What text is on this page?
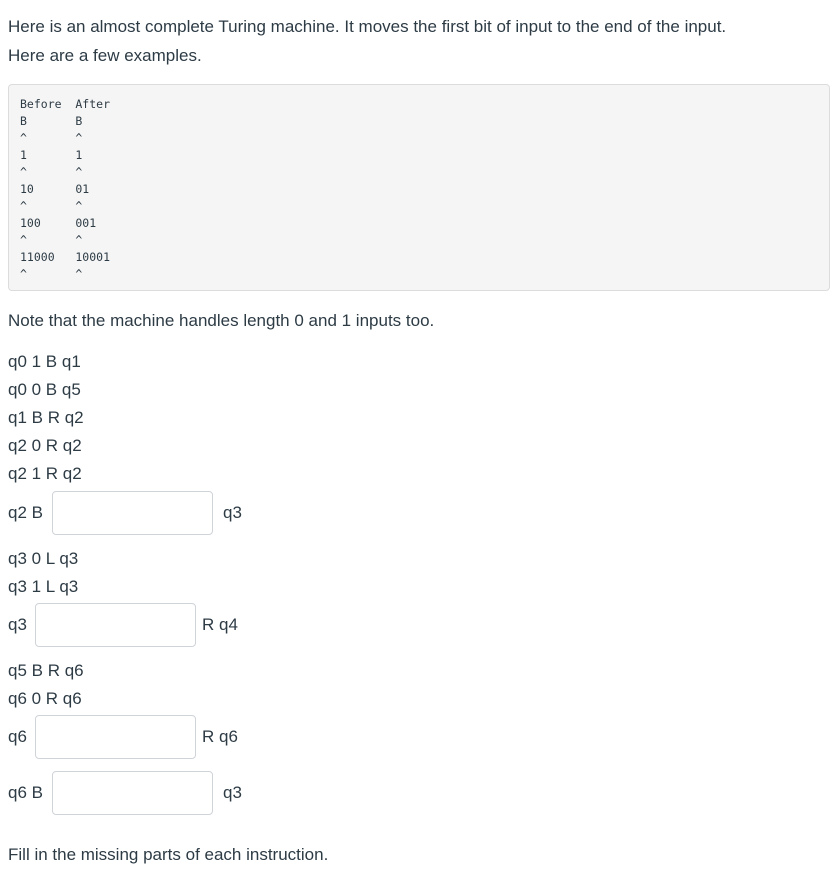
Here is an almost complete Turing machine. It moves the first bit of input to the end of the input.
Here are a few examples.
Before  After
B       B
^       ^
1       1
^       ^
10      01
^       ^
100     001
^       ^
11000   10001
^       ^
Note that the machine handles length 0 and 1 inputs too.
q0 1 B q1
q0 0 B q5
q1 B R q2
q2 0 R q2
q2 1 R q2
q2 B	q3
q3 0 L q3
q3 1 L q3
q3	R q4
q5 B R q6
q6 0 R q6
q6	R q6
q6 B	q3
Fill in the missing parts of each instruction.
